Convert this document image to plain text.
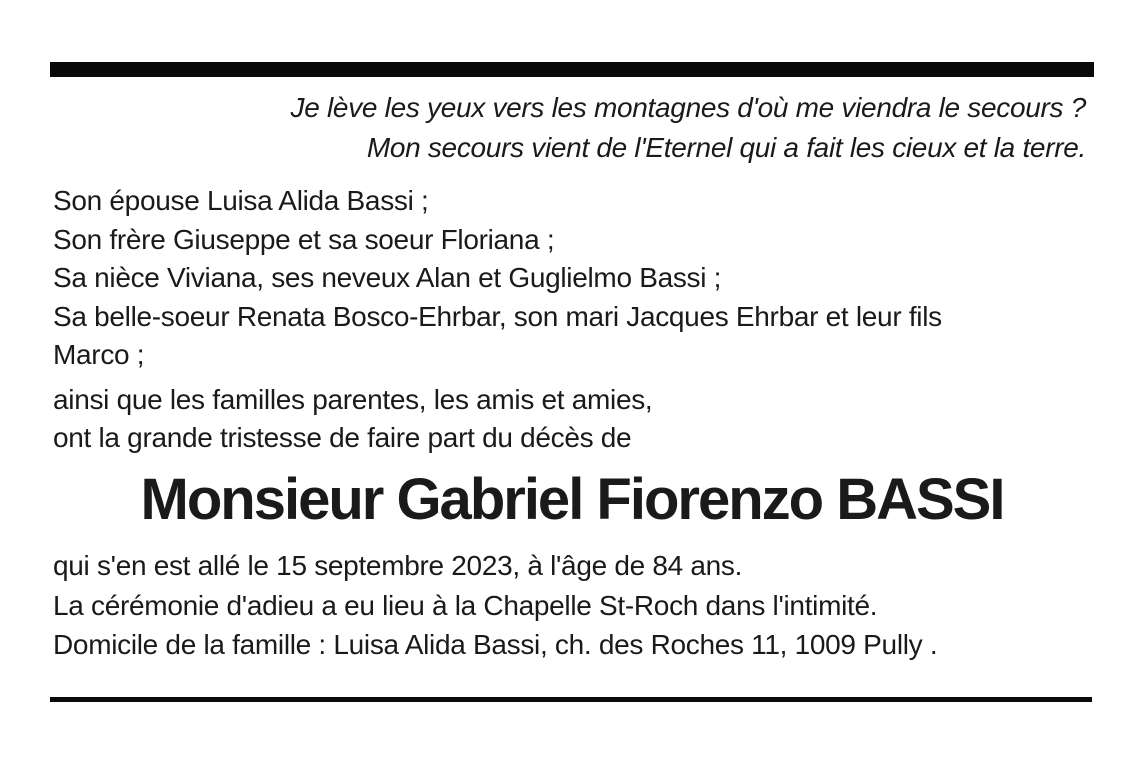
Je lève les yeux vers les montagnes d'où me viendra le secours ?
Mon secours vient de l'Eternel qui a fait les cieux et la terre.
Son épouse Luisa Alida Bassi ;
Son frère Giuseppe et sa soeur Floriana ;
Sa nièce Viviana, ses neveux Alan et Guglielmo Bassi ;
Sa belle-soeur Renata Bosco-Ehrbar, son mari Jacques Ehrbar et leur fils
Marco ;
ainsi que les familles parentes, les amis et amies,
ont la grande tristesse de faire part du décès de
Monsieur Gabriel Fiorenzo BASSI
qui s'en est allé le 15 septembre 2023, à l'âge de 84 ans.
La cérémonie d'adieu a eu lieu à la Chapelle St-Roch dans l'intimité.
Domicile de la famille : Luisa Alida Bassi, ch. des Roches 11, 1009 Pully .
